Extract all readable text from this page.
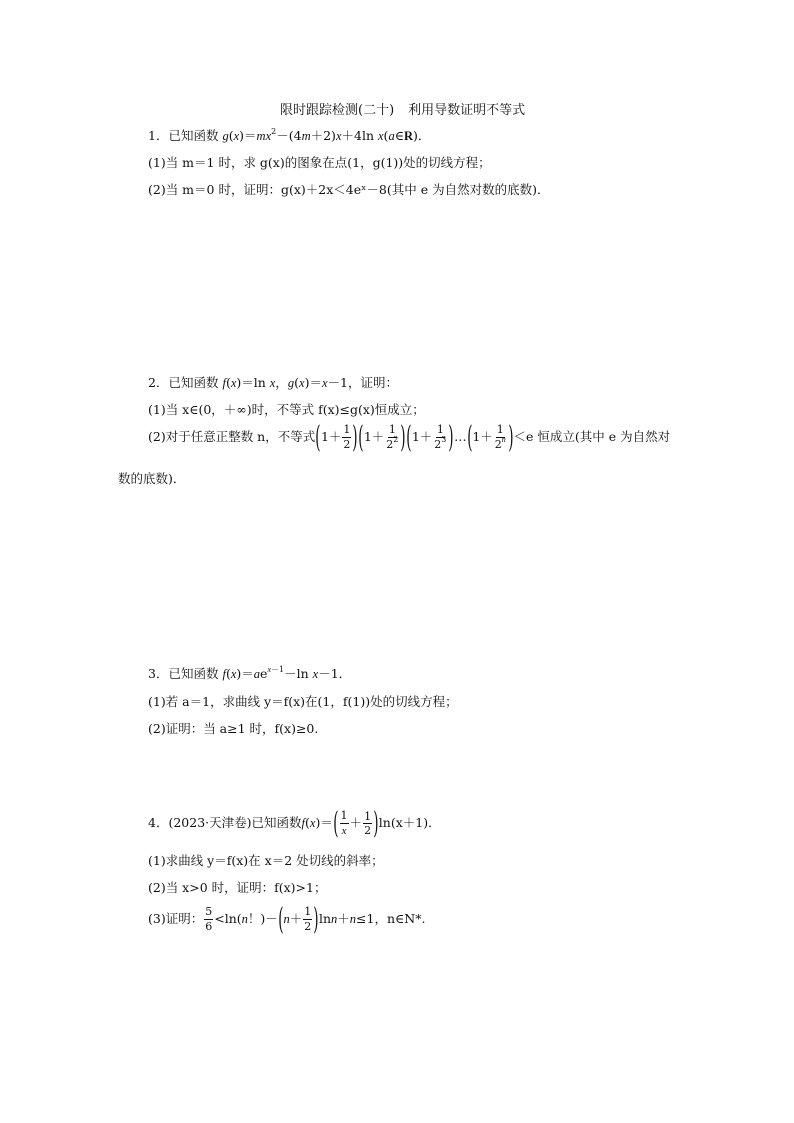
限时跟踪检测(二十) 利用导数证明不等式
1．已知函数 $g(x)=mx^2-(4m+2)x+4\ln$ x(a∈R)．
(1)当 m＝1 时，求 g(x)的图象在点(1，g(1))处的切线方程；
(2)当 m＝0 时，证明：g(x)＋2x＜4eˣ－8(其中 e 为自然对数的底数)．
2．已知函数 f(x)＝ln x，g(x)＝x－1，证明：
(1)当 x∈(0，＋∞)时，不等式 f(x)≤g(x)恒成立；
(2)对于任意正整数 n，不等式 ( $1+ \frac{1}{2}$ ) ( $1+ \frac{1}{2^2}$ ) ( $1+ \frac{1}{2^3}$ ) … ( $1+ \frac{1}{2^n}$ ) ＜e 恒成立(其中 e 为自然对
数的底数)．
3．已知函数 $f(x)=ae^{x-1}-\ln$ x－1．
(1)若 a＝1，求曲线 y＝f(x)在(1，f(1))处的切线方程；
(2)证明：当 a≥1 时，f(x)≥0.
4． (2023·天津卷)已知函数 f ( x )＝ ( $\frac{1}{x} + \frac{1}{2}$ ) ln(x＋1)．
(1)求曲线 y＝f(x)在 x＝2 处切线的斜率；
(2)当 x>0 时，证明：f(x)>1；
(3)证明： $\frac{5}{6} <\ln$( n ！)－ ( $n + \frac{1}{2}$ ) ln n ＋ n ≤1 ，n∈N*.
